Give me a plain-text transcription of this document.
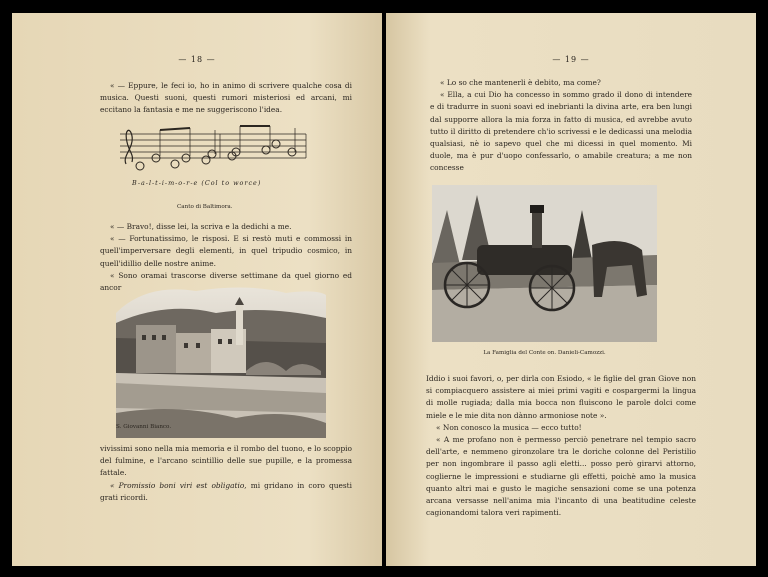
— 18 —

« — Eppure, le feci io, ho in animo di scrivere qualche cosa di musica. Questi suoni, questi rumori misteriosi ed arcani, mi eccitano la fantasia e me ne suggeriscono l'idea.

B-a-l-t-i-m-o-r-e (Col to worce)
Canto di Baltimora.

« — Bravo!, disse lei, la scriva e la dedichi a me.

« — Fortunatissimo, le risposi. E si restò muti e commossi in quell'imperversare degli elementi, in quel tripudio cosmico, in quell'idillio delle nostre anime.

« Sono oramai trascorse diverse settimane da quel giorno ed ancor

S. Giovanni Bianco.

vivissimi sono nella mia memoria e il rombo del tuono, e lo scoppio del fulmine, e l'arcano scintillio delle sue pupille, e la promessa fattale.

« Promissio boni viri est obligatio, mi gridano in coro questi grati ricordi.

— 19 —

« Lo so che mantenerli è debito, ma come?

« Ella, a cui Dio ha concesso in sommo grado il dono di intendere e di tradurre in suoni soavi ed inebrianti la divina arte, era ben lungi dal supporre allora la mia forza in fatto di musica, ed avrebbe avuto tutto il diritto di pretendere ch'io scrivessi e le dedicassi una melodia qualsiasi, nè io sapevo quel che mi dicessi in quel momento. Mi duole, ma è pur d'uopo confessarlo, o amabile creatura; a me non concesse

La Famiglia del Conte on. Danieli-Camozzi.

Iddio i suoi favori, o, per dirla con Esiodo, « le figlie del gran Giove non si compiacquero assistere ai miei primi vagiti e cospargermi la lingua di molle rugiada; dalla mia bocca non fluiscono le parole dolci come miele e le mie dita non dànno armoniose note ».

« Non conosco la musica — ecco tutto!

« A me profano non è permesso perciò penetrare nel tempio sacro dell'arte, e nemmeno gironzolare tra le doriche colonne del Peristilio per non ingombrare il passo agli eletti... posso però girarvi attorno, coglierne le impressioni e studiarne gli effetti, poichè amo la musica quanto altri mai e gusto le magiche sensazioni come se una potenza arcana versasse nell'anima mia l'incanto di una beatitudine celeste cagionandomi talora veri rapimenti.
